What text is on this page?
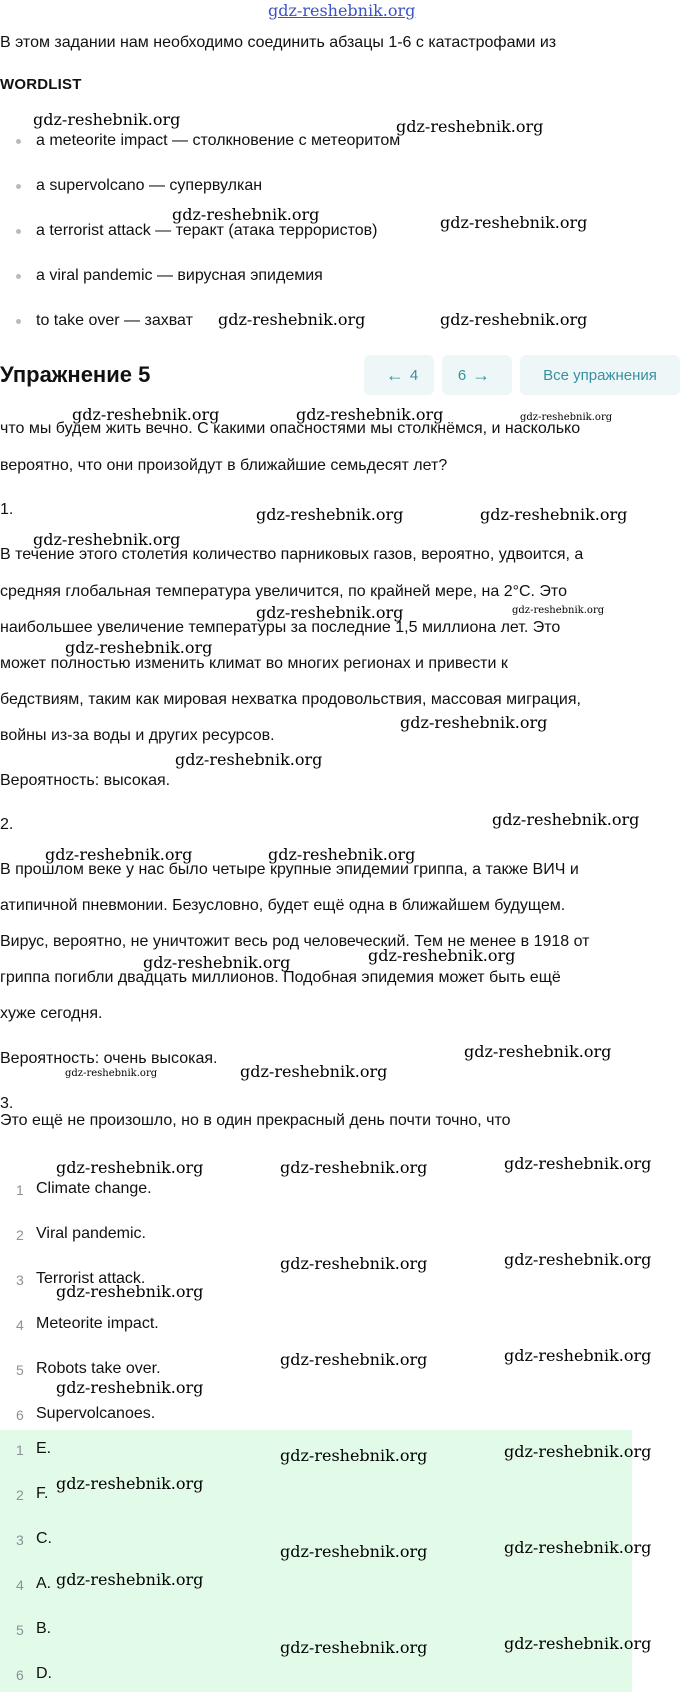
gdz-reshebnik.org
В этом задании нам необходимо соединить абзацы 1-6 с катастрофами из
WORDLIST
a meteorite impact — столкновение с метеоритом
a supervolcano — супервулкан
a terrorist attack — теракт (атака террористов)
a viral pandemic — вирусная эпидемия
to take over — захват
Упражнение 5	← 4	6 →	Все упражнения
что мы будем жить вечно. С какими опасностями мы столкнёмся, и насколько
вероятно, что они произойдут в ближайшие семьдесят лет?
1.
В течение этого столетия количество парниковых газов, вероятно, удвоится, а
средняя глобальная температура увеличится, по крайней мере, на 2°С. Это
наибольшее увеличение температуры за последние 1,5 миллиона лет. Это
может полностью изменить климат во многих регионах и привести к
бедствиям, таким как мировая нехватка продовольствия, массовая миграция,
войны из-за воды и других ресурсов.
Вероятность: высокая.
2.
В прошлом веке у нас было четыре крупные эпидемии гриппа, а также ВИЧ и
атипичной пневмонии. Безусловно, будет ещё одна в ближайшем будущем.
Вирус, вероятно, не уничтожит весь род человеческий. Тем не менее в 1918 от
гриппа погибли двадцать миллионов. Подобная эпидемия может быть ещё
хуже сегодня.
Вероятность: очень высокая.
3.
Это ещё не произошло, но в один прекрасный день почти точно, что
1 Climate change.
2 Viral pandemic.
3 Terrorist attack.
4 Meteorite impact.
5 Robots take over.
6 Supervolcanoes.
1 E.
2 F.
3 C.
4 A.
5 B.
6 D.
gdz-reshebnik.org	gdz-reshebnik.org
gdz-reshebnik.org	gdz-reshebnik.org
gdz-reshebnik.org	gdz-reshebnik.org
gdz-reshebnik.org	gdz-reshebnik.org	gdz-reshebnik.org
gdz-reshebnik.org	gdz-reshebnik.org
gdz-reshebnik.org
gdz-reshebnik.org	gdz-reshebnik.org
gdz-reshebnik.org
gdz-reshebnik.org
gdz-reshebnik.org
gdz-reshebnik.org
gdz-reshebnik.org	gdz-reshebnik.org
gdz-reshebnik.org	gdz-reshebnik.org
gdz-reshebnik.org
gdz-reshebnik.org	gdz-reshebnik.org
gdz-reshebnik.org	gdz-reshebnik.org	gdz-reshebnik.org
gdz-reshebnik.org	gdz-reshebnik.org
gdz-reshebnik.org
gdz-reshebnik.org	gdz-reshebnik.org
gdz-reshebnik.org
gdz-reshebnik.org	gdz-reshebnik.org
gdz-reshebnik.org
gdz-reshebnik.org	gdz-reshebnik.org
gdz-reshebnik.org
gdz-reshebnik.org	gdz-reshebnik.org
